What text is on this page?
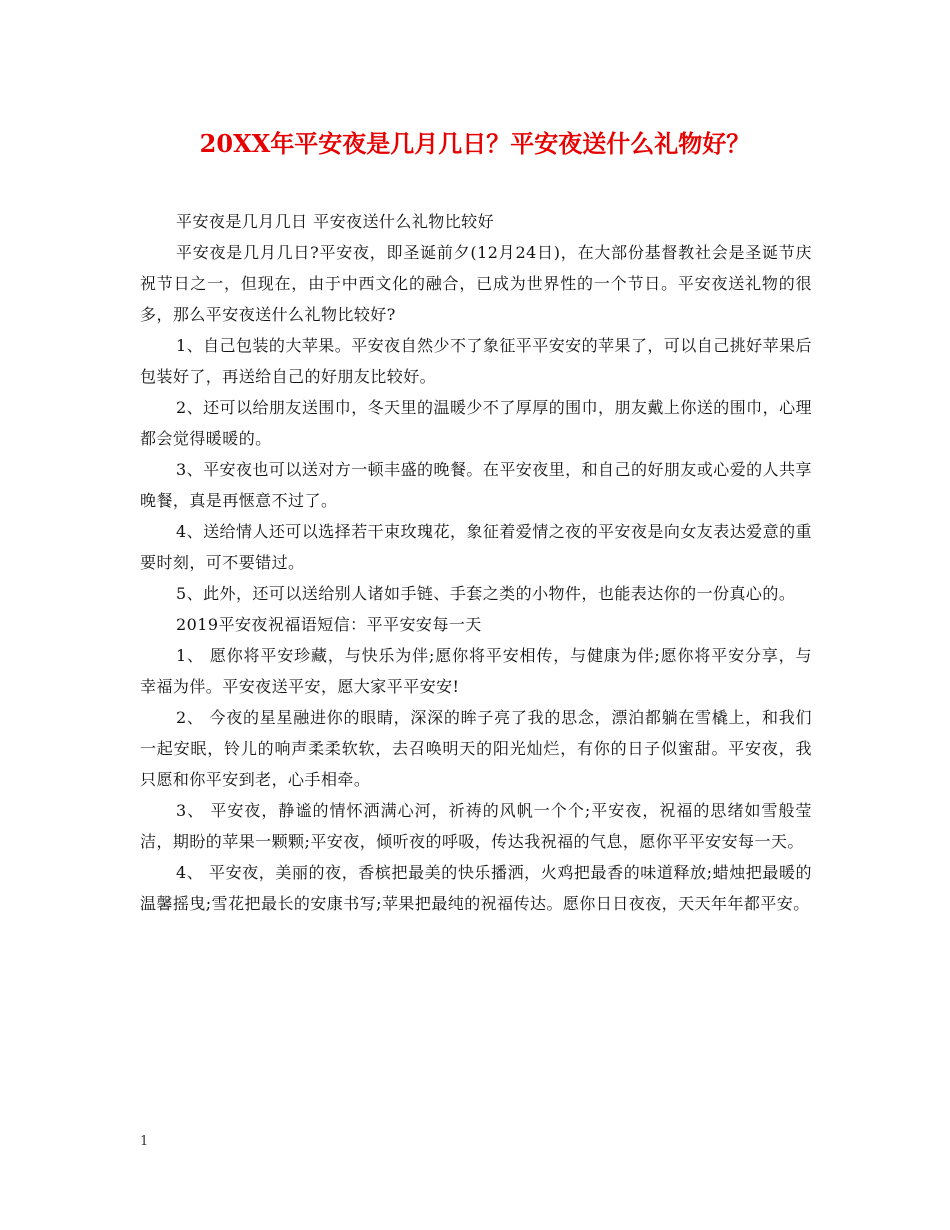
20XX年平安夜是几月几日？平安夜送什么礼物好？

平安夜是几月几日 平安夜送什么礼物比较好

平安夜是几月几日?平安夜，即圣诞前夕(12月24日)，在大部份基督教社会是圣诞节庆祝节日之一，但现在，由于中西文化的融合，已成为世界性的一个节日。平安夜送礼物的很多，那么平安夜送什么礼物比较好?

1、自己包装的大苹果。平安夜自然少不了象征平平安安的苹果了，可以自己挑好苹果后包装好了，再送给自己的好朋友比较好。

2、还可以给朋友送围巾，冬天里的温暖少不了厚厚的围巾，朋友戴上你送的围巾，心理都会觉得暖暖的。

3、平安夜也可以送对方一顿丰盛的晚餐。在平安夜里，和自己的好朋友或心爱的人共享晚餐，真是再惬意不过了。

4、送给情人还可以选择若干束玫瑰花，象征着爱情之夜的平安夜是向女友表达爱意的重要时刻，可不要错过。

5、此外，还可以送给别人诸如手链、手套之类的小物件，也能表达你的一份真心的。

2019平安夜祝福语短信：平平安安每一天

1、 愿你将平安珍藏，与快乐为伴;愿你将平安相传，与健康为伴;愿你将平安分享，与幸福为伴。平安夜送平安，愿大家平平安安!

2、 今夜的星星融进你的眼睛，深深的眸子亮了我的思念，漂泊都躺在雪橇上，和我们一起安眠，铃儿的响声柔柔软软，去召唤明天的阳光灿烂，有你的日子似蜜甜。平安夜，我只愿和你平安到老，心手相牵。

3、 平安夜，静谧的情怀洒满心河，祈祷的风帆一个个;平安夜，祝福的思绪如雪般莹洁，期盼的苹果一颗颗;平安夜，倾听夜的呼吸，传达我祝福的气息，愿你平平安安每一天。

4、 平安夜，美丽的夜，香槟把最美的快乐播洒，火鸡把最香的味道释放;蜡烛把最暖的温馨摇曳;雪花把最长的安康书写;苹果把最纯的祝福传达。愿你日日夜夜，天天年年都平安。

1
